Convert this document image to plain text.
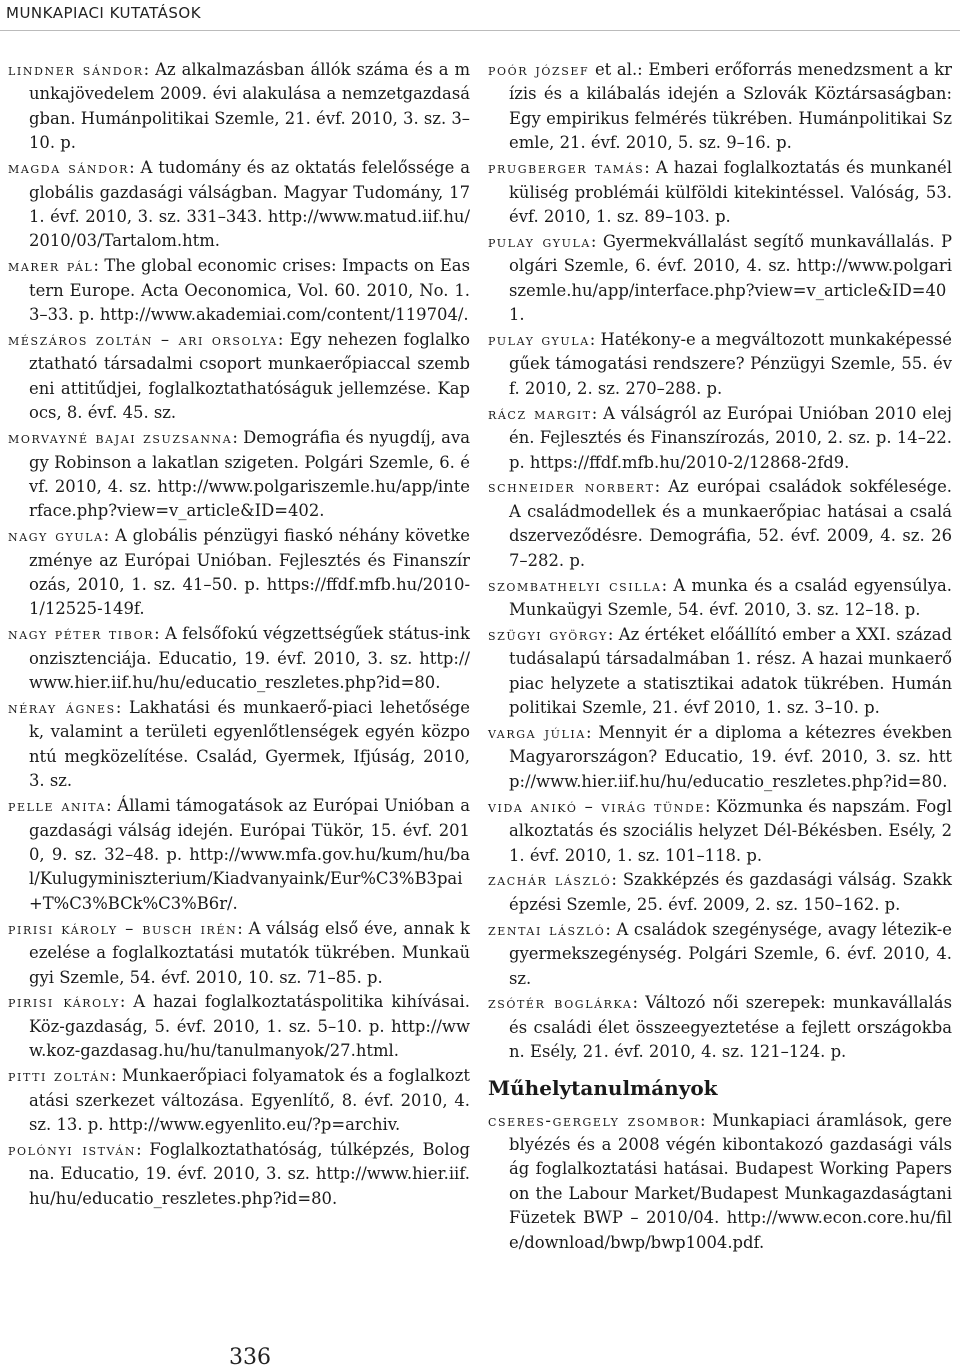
MUNKAPIACI KUTATÁSOK

lindner sándor: Az alkalmazásban állók száma és a munkajövedelem 2009. évi alakulása a nemzetgazdaságban. Humánpolitikai Szemle, 21. évf. 2010, 3. sz. 3–10. p.

magda sándor: A tudomány és az oktatás felelőssége a globális gazdasági válságban. Magyar Tudomány, 171. évf. 2010, 3. sz. 331–343. http://www.matud.iif.hu/2010/03/Tartalom.htm.

marer pál: The global economic crises: Impacts on Eastern Europe. Acta Oeconomica, Vol. 60. 2010, No. 1. 3–33. p. http://www.akademiai.com/content/119704/.

mészáros zoltán – ari orsolya: Egy nehezen foglalkoztatható társadalmi csoport munkaerőpiaccal szembeni attitűdjei, foglalkoztathatóságuk jellemzése. Kapocs, 8. évf. 45. sz.

morvayné bajai zsuzsanna: Demográfia és nyugdíj, avagy Robinson a lakatlan szigeten. Polgári Szemle, 6. évf. 2010, 4. sz. http://www.polgariszemle.hu/app/interface.php?view=v_article&ID=402.

nagy gyula: A globális pénzügyi fiaskó néhány következménye az Európai Unióban. Fejlesztés és Finanszírozás, 2010, 1. sz. 41–50. p. https://ffdf.mfb.hu/2010-1/12525-149f.

nagy péter tibor: A felsőfokú végzettségűek státus-inkonzisztenciája. Educatio, 19. évf. 2010, 3. sz. http://www.hier.iif.hu/hu/educatio_reszletes.php?id=80.

néray ágnes: Lakhatási és munkaerő-piaci lehetőségek, valamint a területi egyenlőtlenségek egyén központú megközelítése. Család, Gyermek, Ifjúság, 2010, 3. sz.

pelle anita: Állami támogatások az Európai Unióban a gazdasági válság idején. Európai Tükör, 15. évf. 2010, 9. sz. 32–48. p. http://www.mfa.gov.hu/kum/hu/bal/Kulugyminiszterium/Kiadvanyaink/Eur%C3%B3pai+T%C3%BCk%C3%B6r/.

pirisi károly – busch irén: A válság első éve, annak kezelése a foglalkoztatási mutatók tükrében. Munkaügyi Szemle, 54. évf. 2010, 10. sz. 71–85. p.

pirisi károly: A hazai foglalkoztatáspolitika kihívásai. Köz-gazdaság, 5. évf. 2010, 1. sz. 5–10. p. http://www.koz-gazdasag.hu/hu/tanulmanyok/27.html.

pitti zoltán: Munkaerőpiaci folyamatok és a foglalkoztatási szerkezet változása. Egyenlítő, 8. évf. 2010, 4. sz. 13. p. http://www.egyenlito.eu/?p=archiv.

polónyi istván: Foglalkoztathatóság, túlképzés, Bologna. Educatio, 19. évf. 2010, 3. sz. http://www.hier.iif.hu/hu/educatio_reszletes.php?id=80.

poór józsef et al.: Emberi erőforrás menedzsment a krízis és a kilábalás idején a Szlovák Köztársaságban: Egy empirikus felmérés tükrében. Humánpolitikai Szemle, 21. évf. 2010, 5. sz. 9–16. p.

prugberger tamás: A hazai foglalkoztatás és munkanélküliség problémái külföldi kitekintéssel. Valóság, 53. évf. 2010, 1. sz. 89–103. p.

pulay gyula: Gyermekvállalást segítő munkavállalás. Polgári Szemle, 6. évf. 2010, 4. sz. http://www.polgariszemle.hu/app/interface.php?view=v_article&ID=401.

pulay gyula: Hatékony-e a megváltozott munkaképességűek támogatási rendszere? Pénzügyi Szemle, 55. évf. 2010, 2. sz. 270–288. p.

rácz margit: A válságról az Európai Unióban 2010 elején. Fejlesztés és Finanszírozás, 2010, 2. sz. p. 14–22. p. https://ffdf.mfb.hu/2010-2/12868-2fd9.

schneider norbert: Az európai családok sokfélesége. A családmodellek és a munkaerőpiac hatásai a családszerveződésre. Demográfia, 52. évf. 2009, 4. sz. 267–282. p.

szombathelyi csilla: A munka és a család egyensúlya. Munkaügyi Szemle, 54. évf. 2010, 3. sz. 12–18. p.

szügyi györgy: Az értéket előállító ember a XXI. század tudásalapú társadalmában 1. rész. A hazai munkaerőpiac helyzete a statisztikai adatok tükrében. Humánpolitikai Szemle, 21. évf 2010, 1. sz. 3–10. p.

varga júlia: Mennyit ér a diploma a kétezres években Magyarországon? Educatio, 19. évf. 2010, 3. sz. http://www.hier.iif.hu/hu/educatio_reszletes.php?id=80.

vida anikó – virág tünde: Közmunka és napszám. Foglalkoztatás és szociális helyzet Dél-Békésben. Esély, 21. évf. 2010, 1. sz. 101–118. p.

zachár lászló: Szakképzés és gazdasági válság. Szakképzési Szemle, 25. évf. 2009, 2. sz. 150–162. p.

zentai lászló: A családok szegénysége, avagy létezik-e gyermekszegénység. Polgári Szemle, 6. évf. 2010, 4. sz.

zsótér boglárka: Változó női szerepek: munkavállalás és családi élet összeegyeztetése a fejlett országokban. Esély, 21. évf. 2010, 4. sz. 121–124. p.

Műhelytanulmányok

cseres-gergely zsombor: Munkapiaci áramlások, gereblyézés és a 2008 végén kibontakozó gazdasági válság foglalkoztatási hatásai. Budapest Working Papers on the Labour Market/Budapest Munkagazdaságtani Füzetek BWP – 2010/04. http://www.econ.core.hu/file/download/bwp/bwp1004.pdf.

336
